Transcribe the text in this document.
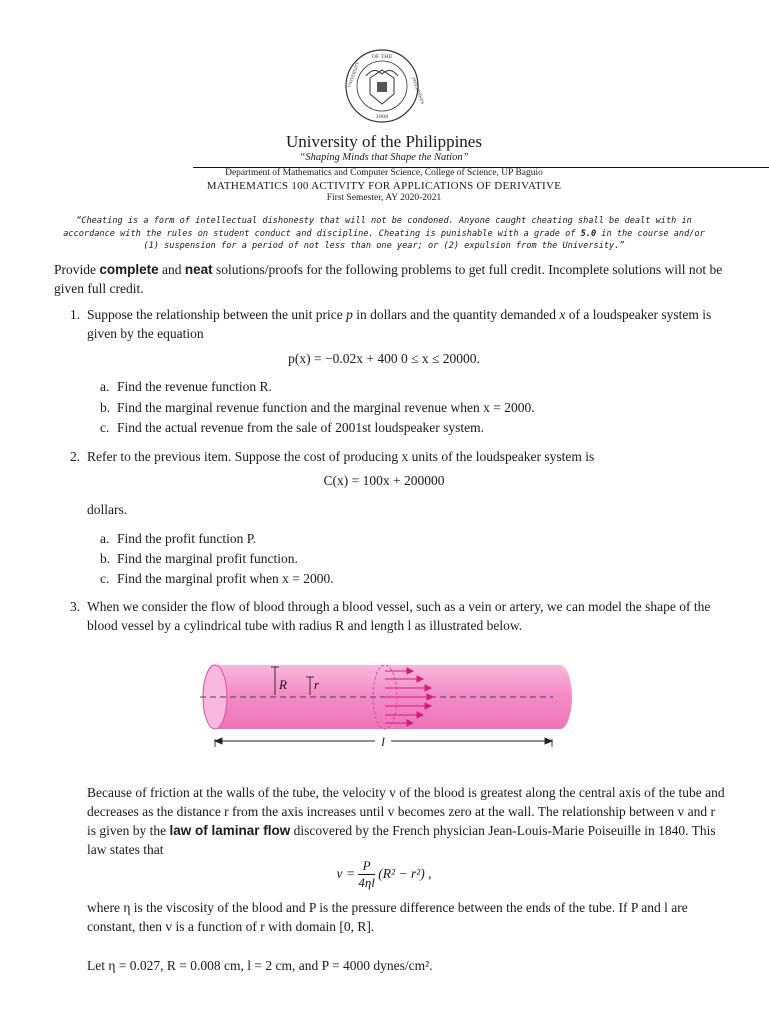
OF THE
UNIVERSITY
PHILIPPINES
1908
University of the Philippines
“Shaping Minds that Shape the Nation”
Department of Mathematics and Computer Science, College of Science, UP Baguio
MATHEMATICS 100 ACTIVITY FOR APPLICATIONS OF DERIVATIVE
First Semester, AY 2020-2021
“Cheating is a form of intellectual dishonesty that will not be condoned. Anyone caught cheating shall be dealt with in accordance with the rules on student conduct and discipline. Cheating is punishable with a grade of 5.0 in the course and/or (1) suspension for a period of not less than one year; or (2) expulsion from the University.”
Provide complete and neat solutions/proofs for the following problems to get full credit. Incomplete solutions will not be given full credit.
1. Suppose the relationship between the unit price p in dollars and the quantity demanded x of a loudspeaker system is given by the equation
p(x) = −0.02x + 400 0 ≤ x ≤ 20000.
a. Find the revenue function R.
b. Find the marginal revenue function and the marginal revenue when x = 2000.
c. Find the actual revenue from the sale of 2001st loudspeaker system.
2. Refer to the previous item. Suppose the cost of producing x units of the loudspeaker system is
C(x) = 100x + 200000
dollars.
a. Find the profit function P.
b. Find the marginal profit function.
c. Find the marginal profit when x = 2000.
3. When we consider the flow of blood through a blood vessel, such as a vein or artery, we can model the shape of the blood vessel by a cylindrical tube with radius R and length l as illustrated below.
R r
l
Because of friction at the walls of the tube, the velocity v of the blood is greatest along the central axis of the tube and decreases as the distance r from the axis increases until v becomes zero at the wall. The relationship between v and r is given by the law of laminar flow discovered by the French physician Jean-Louis-Marie Poiseuille in 1840. This law states that
$v = \frac{P}{4\eta l} (R^2 - r^2)$ ,
where η is the viscosity of the blood and P is the pressure difference between the ends of the tube. If P and l are constant, then v is a function of r with domain [0, R].
Let η = 0.027, R = 0.008 cm, l = 2 cm, and P = 4000 dynes/cm².
